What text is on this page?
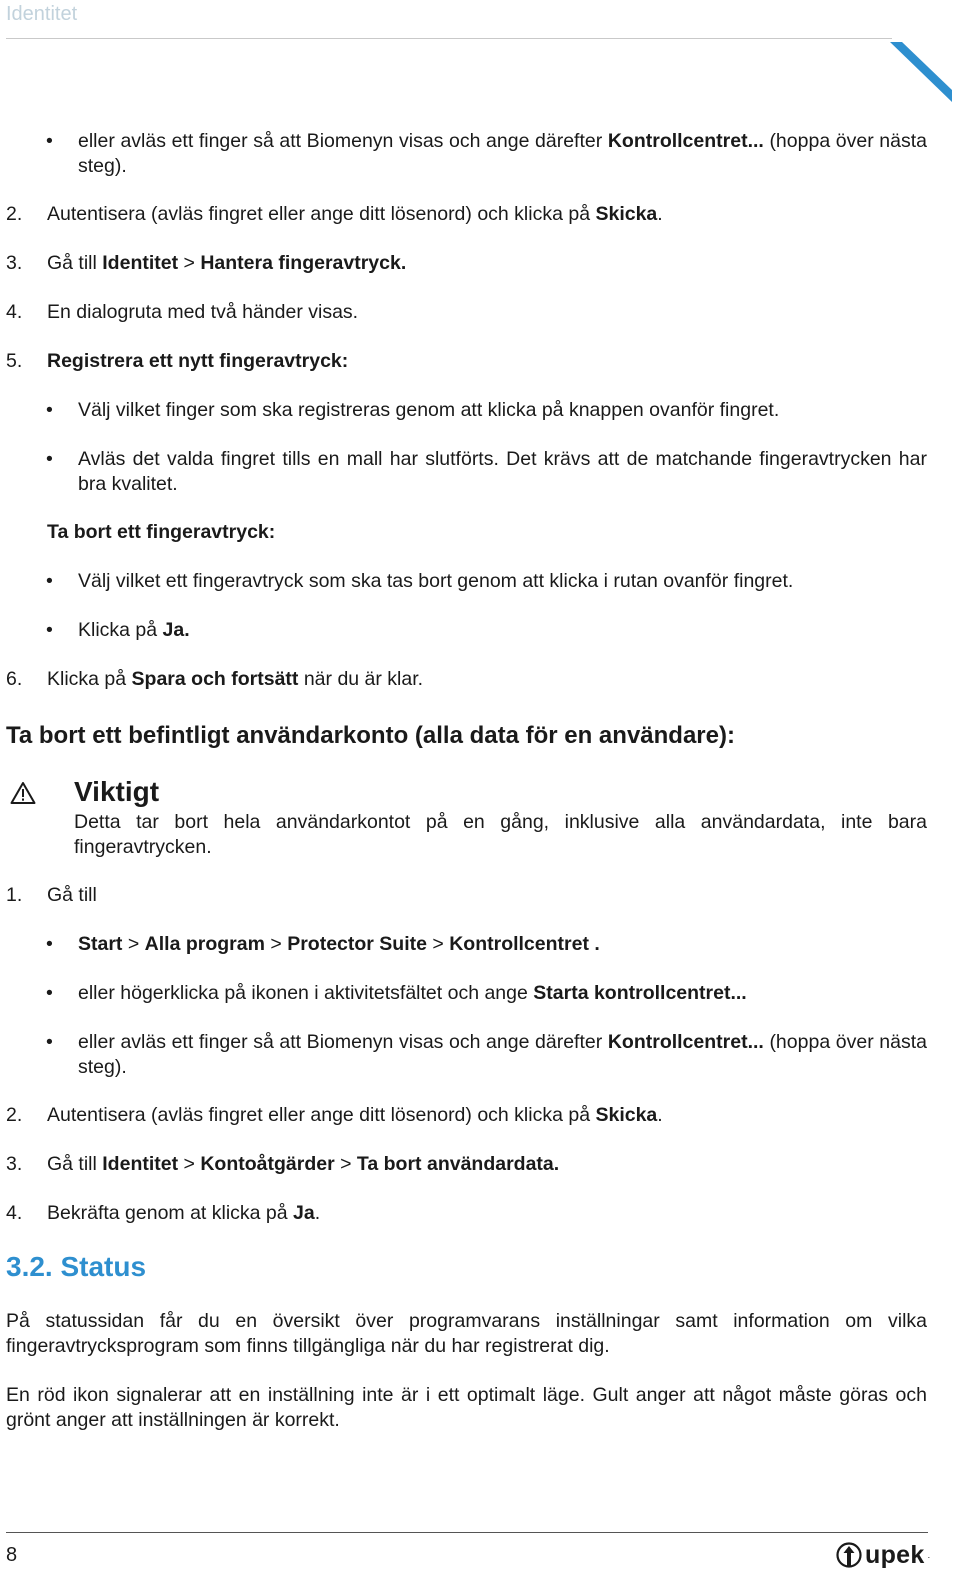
Identitet
• eller avläs ett finger så att Biomenyn visas och ange därefter Kontrollcentret... (hoppa över nästa steg).
2. Autentisera (avläs fingret eller ange ditt lösenord) och klicka på Skicka.
3. Gå till Identitet > Hantera fingeravtryck.
4. En dialogruta med två händer visas.
5. Registrera ett nytt fingeravtryck:
• Välj vilket finger som ska registreras genom att klicka på knappen ovanför fingret.
• Avläs det valda fingret tills en mall har slutförts. Det krävs att de matchande fingeravtrycken har bra kvalitet.
Ta bort ett fingeravtryck:
• Välj vilket ett fingeravtryck som ska tas bort genom att klicka i rutan ovanför fingret.
• Klicka på Ja.
6. Klicka på Spara och fortsätt när du är klar.
Ta bort ett befintligt användarkonto (alla data för en användare):
Viktigt
Detta tar bort hela användarkontot på en gång, inklusive alla användardata, inte bara fingeravtrycken.
1. Gå till
• Start > Alla program > Protector Suite > Kontrollcentret .
• eller högerklicka på ikonen i aktivitetsfältet och ange Starta kontrollcentret...
• eller avläs ett finger så att Biomenyn visas och ange därefter Kontrollcentret... (hoppa över nästa steg).
2. Autentisera (avläs fingret eller ange ditt lösenord) och klicka på Skicka.
3. Gå till Identitet > Kontoåtgärder > Ta bort användardata.
4. Bekräfta genom at klicka på Ja.
3.2. Status
På statussidan får du en översikt över programvarans inställningar samt information om vilka fingeravtrycksprogram som finns tillgängliga när du har registrerat dig.
En röd ikon signalerar att en inställning inte är i ett optimalt läge. Gult anger att något måste göras och grönt anger att inställningen är korrekt.
8	upek .
